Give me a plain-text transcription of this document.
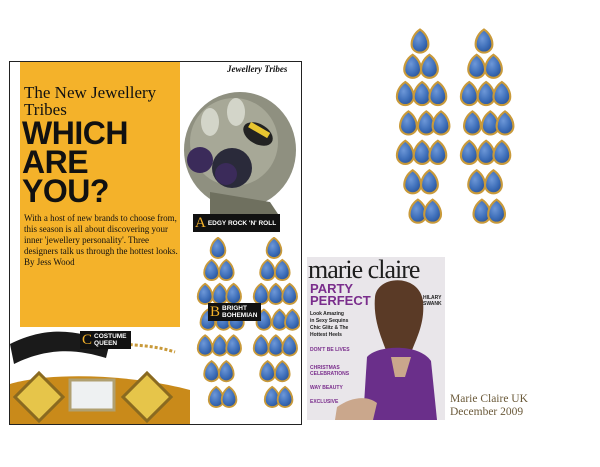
The New Jewellery Tribes
WHICH ARE YOU?
With a host of new brands to choose from, this season is all about discovering your inner 'jewellery personality'. Three designers talk us through the hottest looks. By Jess Wood
Jewellery Tribes
A EDGY ROCK 'N' ROLL
B BRIGHT
BOHEMIAN
C COSTUME
QUEEN
marie claire
PARTY PERFECT
Look Amazing
in Sexy Sequins
Chic Glitz & The
Hottest Heels
DON'T BE LIVES
CHRISTMAS
CELEBRATIONS
WAY BEAUTY
EXCLUSIVE
HILARY SWANK
Marie Claire UK
December 2009
